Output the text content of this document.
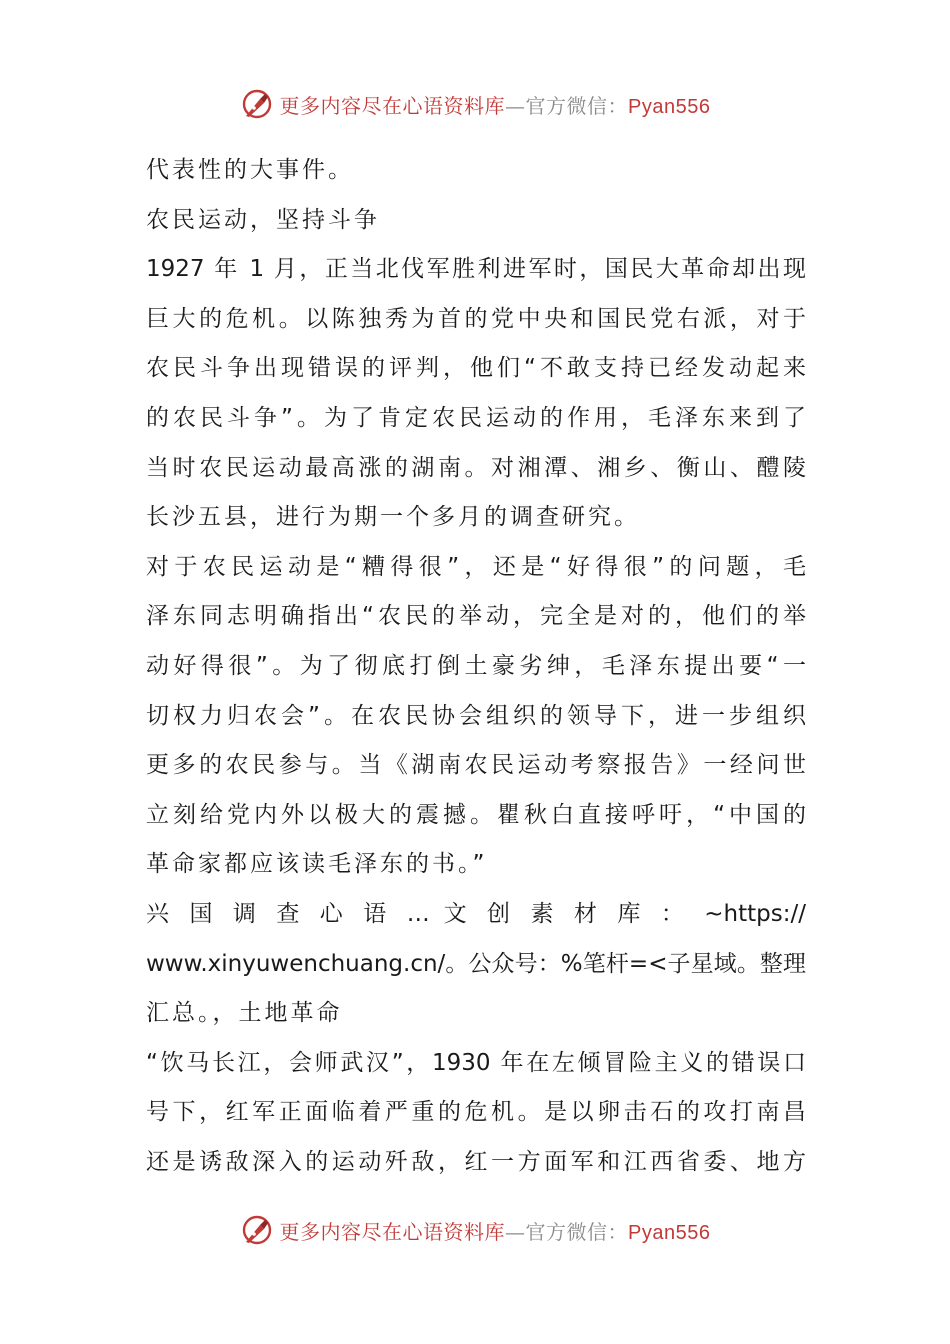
更多内容尽在心语资料库—官方微信：Pyan556
代表性的大事件。
农民运动，坚持斗争
1927 年 1 月，正当北伐军胜利进军时，国民大革命却出现
巨大的危机。以陈独秀为首的党中央和国民党右派，对于
农民斗争出现错误的评判，他们“不敢支持已经发动起来
的农民斗争”。为了肯定农民运动的作用，毛泽东来到了
当时农民运动最高涨的湖南。对湘潭、湘乡、衡山、醴陵
长沙五县，进行为期一个多月的调查研究。
对于农民运动是“糟得很”，还是“好得很”的问题，毛
泽东同志明确指出“农民的举动，完全是对的，他们的举
动好得很”。为了彻底打倒土豪劣绅，毛泽东提出要“一
切权力归农会”。在农民协会组织的领导下，进一步组织
更多的农民参与。当《湖南农民运动考察报告》一经问世
立刻给党内外以极大的震撼。瞿秋白直接呼吁，“中国的
革命家都应该读毛泽东的书。”
兴 国 调 查 心 语 … 文 创 素 材 库 ： ~https://
www.xinyuwenchuang.cn/。公众号：%笔杆=<子星域。整理
汇总。，土地革命
“饮马长江，会师武汉”，1930 年在左倾冒险主义的错误口
号下，红军正面临着严重的危机。是以卵击石的攻打南昌
还是诱敌深入的运动歼敌，红一方面军和江西省委、地方
更多内容尽在心语资料库—官方微信：Pyan556
